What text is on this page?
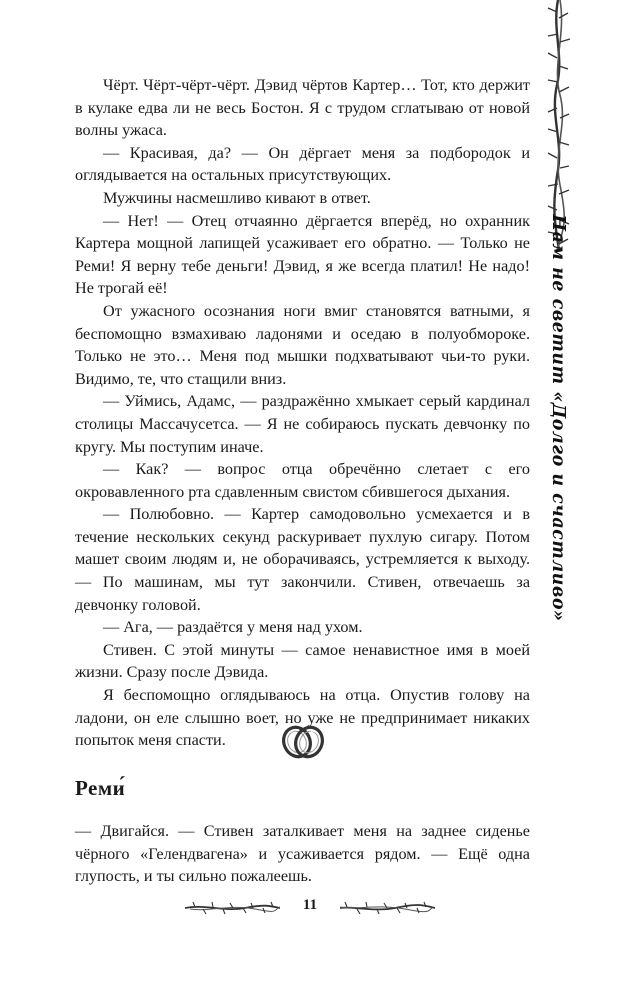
Чёрт. Чёрт-чёрт-чёрт. Дэвид чёртов Картер… Тот, кто держит в кулаке едва ли не весь Бостон. Я с трудом сглатываю от новой волны ужаса.

— Красивая, да? — Он дёргает меня за подбородок и оглядывается на остальных присутствующих.

Мужчины насмешливо кивают в ответ.

— Нет! — Отец отчаянно дёргается вперёд, но охранник Картера мощной лапищей усаживает его обратно. — Только не Реми! Я верну тебе деньги! Дэвид, я же всегда платил! Не надо! Не трогай её!

От ужасного осознания ноги вмиг становятся ватными, я беспомощно взмахиваю ладонями и оседаю в полуобмороке. Только не это… Меня под мышки подхватывают чьи-то руки. Видимо, те, что стащили вниз.

— Уймись, Адамс, — раздражённо хмыкает серый кардинал столицы Массачусетса. — Я не собираюсь пускать девчонку по кругу. Мы поступим иначе.

— Как? — вопрос отца обречённо слетает с его окровавленного рта сдавленным свистом сбившегося дыхания.

— Полюбовно. — Картер самодовольно усмехается и в течение нескольких секунд раскуривает пухлую сигару. Потом машет своим людям и, не оборачиваясь, устремляется к выходу. — По машинам, мы тут закончили. Стивен, отвечаешь за девчонку головой.

— Ага, — раздаётся у меня над ухом.

Стивен. С этой минуты — самое ненавистное имя в моей жизни. Сразу после Дэвида.

Я беспомощно оглядываюсь на отца. Опустив голову на ладони, он еле слышно воет, но уже не предпринимает никаких попыток меня спасти.

Реми́

— Двигайся. — Стивен заталкивает меня на заднее сиденье чёрного «Гелендвагена» и усаживается рядом. — Ещё одна глупость, и ты сильно пожалеешь.

Нам не светит «Долго и счастливо»
11
